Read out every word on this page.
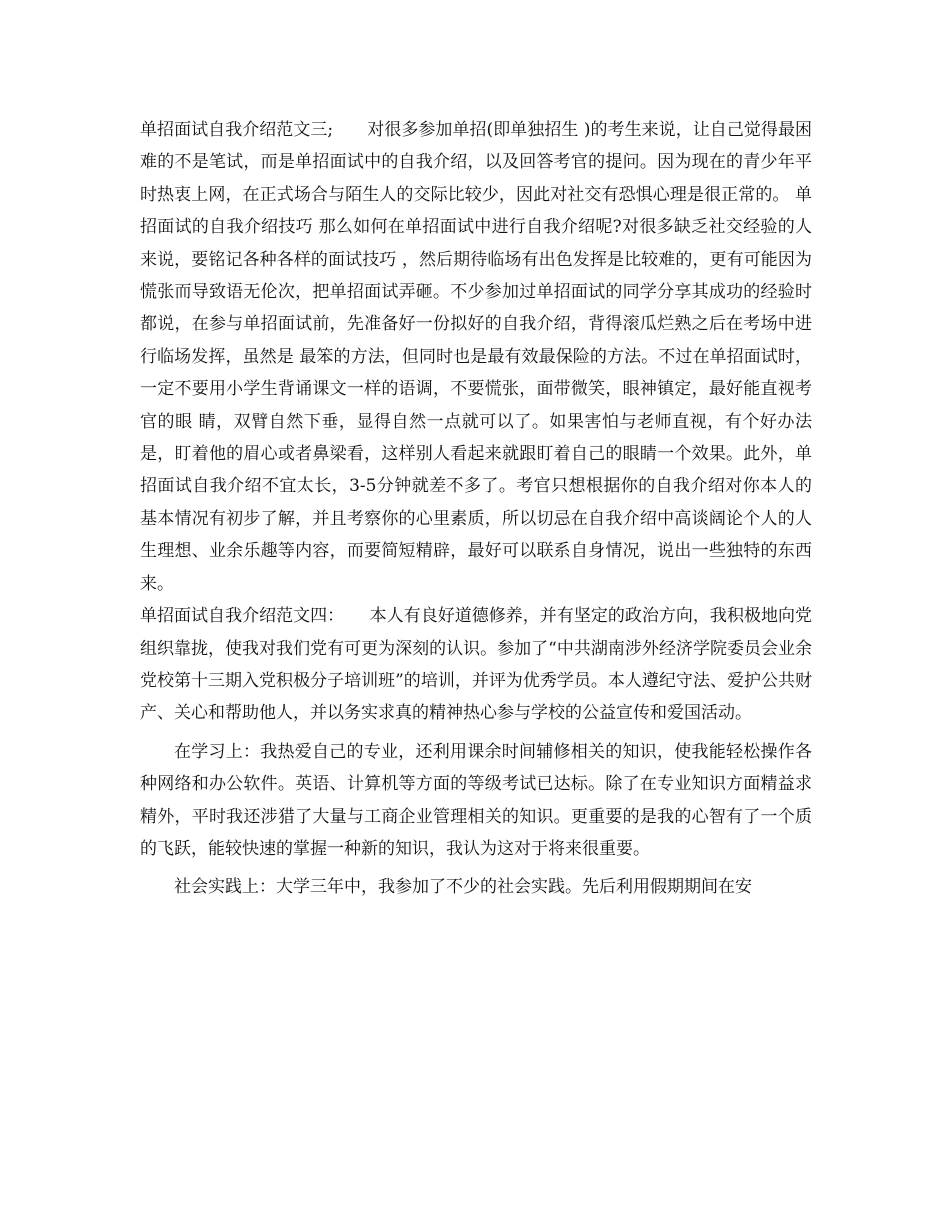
单招面试自我介绍范文三;　　对很多参加单招(即单独招生 )的考生来说，让自己觉得最困难的不是笔试，而是单招面试中的自我介绍，以及回答考官的提问。因为现在的青少年平时热衷上网，在正式场合与陌生人的交际比较少，因此对社交有恐惧心理是很正常的。 单招面试的自我介绍技巧 那么如何在单招面试中进行自我介绍呢?对很多缺乏社交经验的人来说，要铭记各种各样的面试技巧 ，然后期待临场有出色发挥是比较难的，更有可能因为慌张而导致语无伦次，把单招面试弄砸。不少参加过单招面试的同学分享其成功的经验时都说，在参与单招面试前，先准备好一份拟好的自我介绍，背得滚瓜烂熟之后在考场中进行临场发挥，虽然是 最笨的方法，但同时也是最有效最保险的方法。不过在单招面试时，一定不要用小学生背诵课文一样的语调，不要慌张，面带微笑，眼神镇定，最好能直视考官的眼 睛，双臂自然下垂，显得自然一点就可以了。如果害怕与老师直视，有个好办法是，盯着他的眉心或者鼻梁看，这样别人看起来就跟盯着自己的眼睛一个效果。此外，单招面试自我介绍不宜太长，3-5分钟就差不多了。考官只想根据你的自我介绍对你本人的基本情况有初步了解，并且考察你的心里素质，所以切忌在自我介绍中高谈阔论个人的人生理想、业余乐趣等内容，而要简短精辟，最好可以联系自身情况，说出一些独特的东西来。

单招面试自我介绍范文四：　　本人有良好道德修养，并有坚定的政治方向，我积极地向党组织靠拢，使我对我们党有可更为深刻的认识。参加了“中共湖南涉外经济学院委员会业余党校第十三期入党积极分子培训班”的培训，并评为优秀学员。本人遵纪守法、爱护公共财产、关心和帮助他人，并以务实求真的精神热心参与学校的公益宣传和爱国活动。

在学习上：我热爱自己的专业，还利用课余时间辅修相关的知识，使我能轻松操作各种网络和办公软件。英语、计算机等方面的等级考试已达标。除了在专业知识方面精益求精外，平时我还涉猎了大量与工商企业管理相关的知识。更重要的是我的心智有了一个质的飞跃，能较快速的掌握一种新的知识，我认为这对于将来很重要。

社会实践上：大学三年中，我参加了不少的社会实践。先后利用假期期间在安
